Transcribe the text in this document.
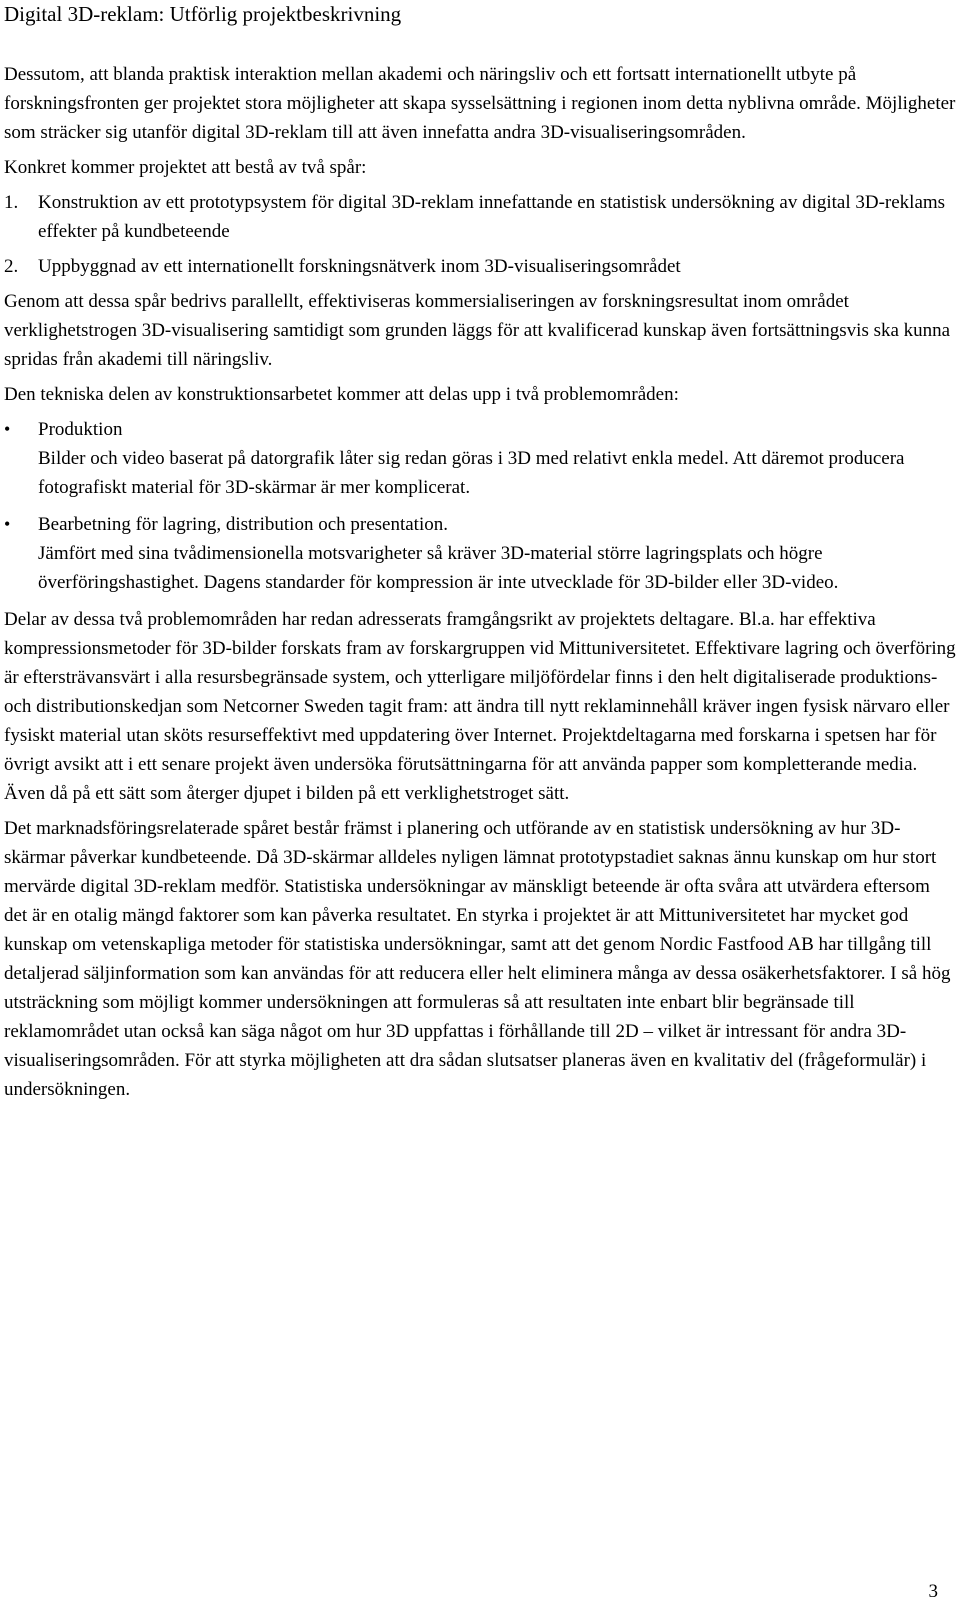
Digital 3D-reklam: Utförlig projektbeskrivning

Dessutom, att blanda praktisk interaktion mellan akademi och näringsliv och ett fortsatt internationellt utbyte på forskningsfronten ger projektet stora möjligheter att skapa sysselsättning i regionen inom detta nyblivna område. Möjligheter som sträcker sig utanför digital 3D-reklam till att även innefatta andra 3D-visualiseringsområden.

Konkret kommer projektet att bestå av två spår:

1.	Konstruktion av ett prototypsystem för digital 3D-reklam innefattande en statistisk undersökning av digital 3D-reklams effekter på kundbeteende
2.	Uppbyggnad av ett internationellt forskningsnätverk inom 3D-visualiseringsområdet

Genom att dessa spår bedrivs parallellt, effektiviseras kommersialiseringen av forskningsresultat inom området verklighetstrogen 3D-visualisering samtidigt som grunden läggs för att kvalificerad kunskap även fortsättningsvis ska kunna spridas från akademi till näringsliv.

Den tekniska delen av konstruktionsarbetet kommer att delas upp i två problemområden:

•	Produktion
Bilder och video baserat på datorgrafik låter sig redan göras i 3D med relativt enkla medel. Att däremot producera fotografiskt material för 3D-skärmar är mer komplicerat.
•	Bearbetning för lagring, distribution och presentation.
Jämfört med sina tvådimensionella motsvarigheter så kräver 3D-material större lagringsplats och högre överföringshastighet. Dagens standarder för kompression är inte utvecklade för 3D-bilder eller 3D-video.

Delar av dessa två problemområden har redan adresserats framgångsrikt av projektets deltagare. Bl.a. har effektiva kompressionsmetoder för 3D-bilder forskats fram av forskargruppen vid Mittuniversitetet. Effektivare lagring och överföring är eftersträvansvärt i alla resursbegränsade system, och ytterligare miljöfördelar finns i den helt digitaliserade produktions- och distributionskedjan som Netcorner Sweden tagit fram: att ändra till nytt reklaminnehåll kräver ingen fysisk närvaro eller fysiskt material utan sköts resurseffektivt med uppdatering över Internet. Projektdeltagarna med forskarna i spetsen har för övrigt avsikt att i ett senare projekt även undersöka förutsättningarna för att använda papper som kompletterande media. Även då på ett sätt som återger djupet i bilden på ett verklighetstroget sätt.

Det marknadsföringsrelaterade spåret består främst i planering och utförande av en statistisk undersökning av hur 3D-skärmar påverkar kundbeteende. Då 3D-skärmar alldeles nyligen lämnat prototypstadiet saknas ännu kunskap om hur stort mervärde digital 3D-reklam medför. Statistiska undersökningar av mänskligt beteende är ofta svåra att utvärdera eftersom det är en otalig mängd faktorer som kan påverka resultatet. En styrka i projektet är att Mittuniversitetet har mycket god kunskap om vetenskapliga metoder för statistiska undersökningar, samt att det genom Nordic Fastfood AB har tillgång till detaljerad säljinformation som kan användas för att reducera eller helt eliminera många av dessa osäkerhetsfaktorer. I så hög utsträckning som möjligt kommer undersökningen att formuleras så att resultaten inte enbart blir begränsade till reklamområdet utan också kan säga något om hur 3D uppfattas i förhållande till 2D – vilket är intressant för andra 3D-visualiseringsområden. För att styrka möjligheten att dra sådan slutsatser planeras även en kvalitativ del (frågeformulär) i undersökningen.

3
